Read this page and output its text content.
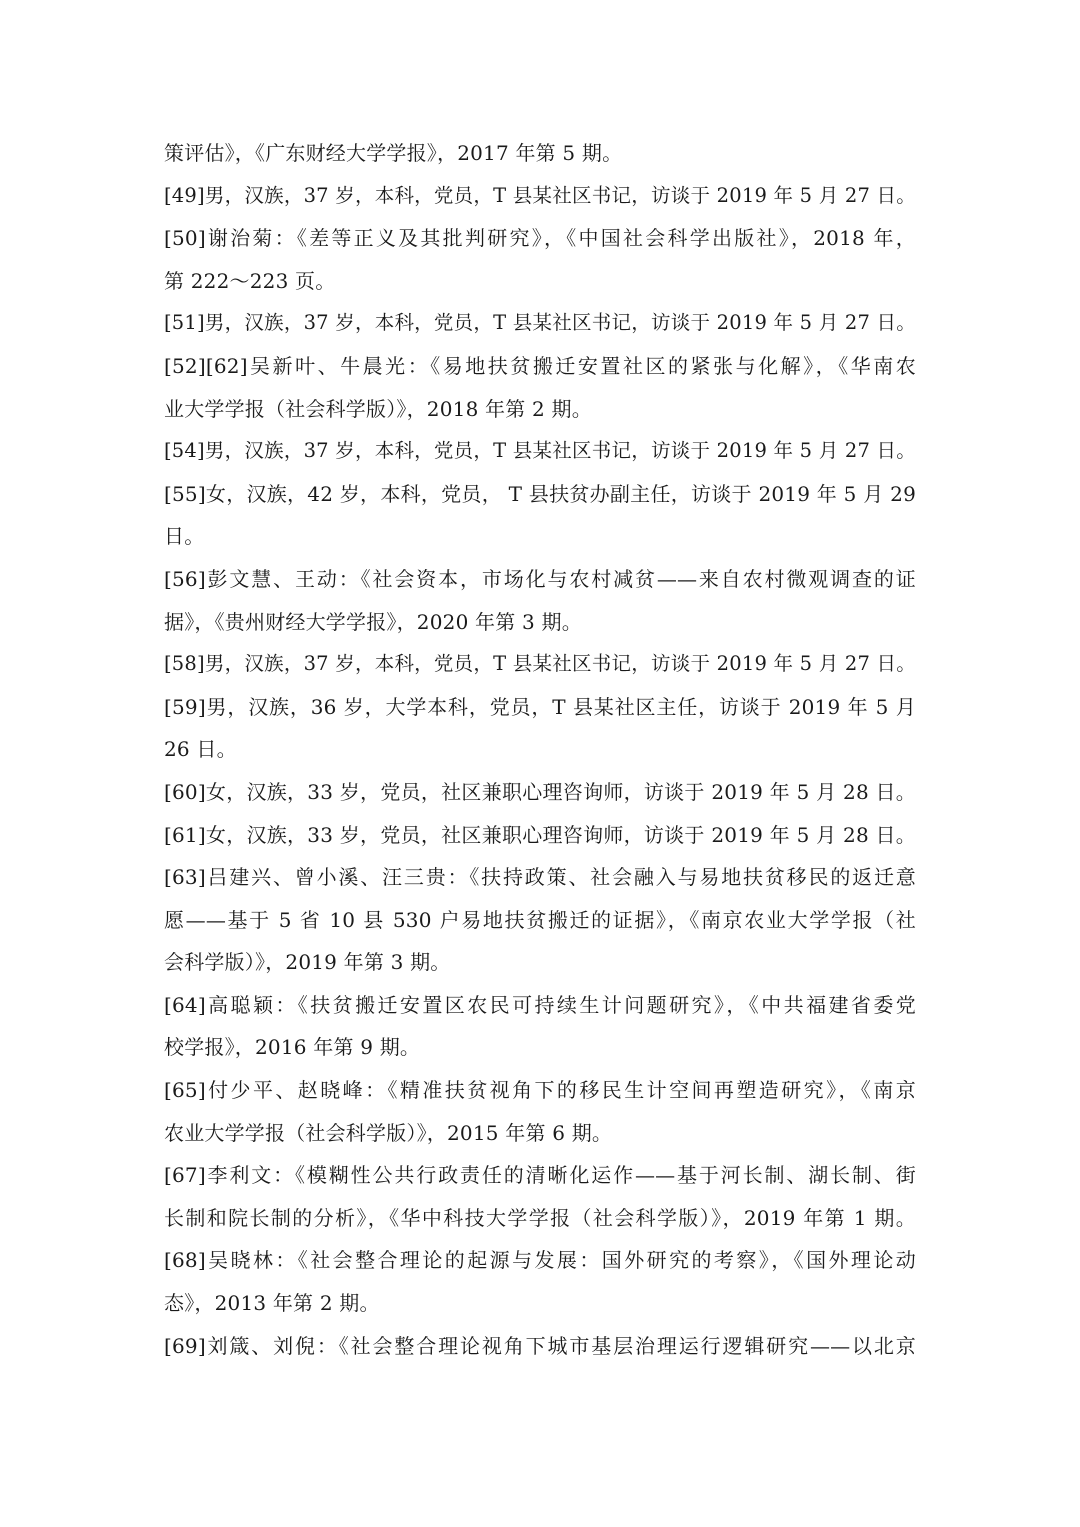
策评估》，《广东财经大学学报》，2017 年第 5 期。
[49]男，汉族，37 岁，本科，党员，T 县某社区书记，访谈于 2019 年 5 月 27 日。
[50]谢治菊：《差等正义及其批判研究》，《中国社会科学出版社》，2018 年，
第 222～223 页。
[51]男，汉族，37 岁，本科，党员，T 县某社区书记，访谈于 2019 年 5 月 27 日。
[52][62]吴新叶、牛晨光：《易地扶贫搬迁安置社区的紧张与化解》，《华南农
业大学学报（社会科学版）》，2018 年第 2 期。
[54]男，汉族，37 岁，本科，党员，T 县某社区书记，访谈于 2019 年 5 月 27 日。
[55]女，汉族，42 岁，本科，党员， T 县扶贫办副主任，访谈于 2019 年 5 月 29
日。
[56]彭文慧、王动：《社会资本，市场化与农村减贫——来自农村微观调查的证
据》，《贵州财经大学学报》，2020 年第 3 期。
[58]男，汉族，37 岁，本科，党员，T 县某社区书记，访谈于 2019 年 5 月 27 日。
[59]男，汉族，36 岁，大学本科，党员，T 县某社区主任，访谈于 2019 年 5 月
26 日。
[60]女，汉族，33 岁，党员，社区兼职心理咨询师，访谈于 2019 年 5 月 28 日。
[61]女，汉族，33 岁，党员，社区兼职心理咨询师，访谈于 2019 年 5 月 28 日。
[63]吕建兴、曾小溪、汪三贵：《扶持政策、社会融入与易地扶贫移民的返迁意
愿——基于 5 省 10 县 530 户易地扶贫搬迁的证据》，《南京农业大学学报（社
会科学版）》，2019 年第 3 期。
[64]高聪颖：《扶贫搬迁安置区农民可持续生计问题研究》，《中共福建省委党
校学报》，2016 年第 9 期。
[65]付少平、赵晓峰：《精准扶贫视角下的移民生计空间再塑造研究》，《南京
农业大学学报（社会科学版）》，2015 年第 6 期。
[67]李利文：《模糊性公共行政责任的清晰化运作——基于河长制、湖长制、街
长制和院长制的分析》，《华中科技大学学报（社会科学版）》，2019 年第 1 期。
[68]吴晓林：《社会整合理论的起源与发展：国外研究的考察》，《国外理论动
态》，2013 年第 2 期。
[69]刘箴、刘倪：《社会整合理论视角下城市基层治理运行逻辑研究——以北京
